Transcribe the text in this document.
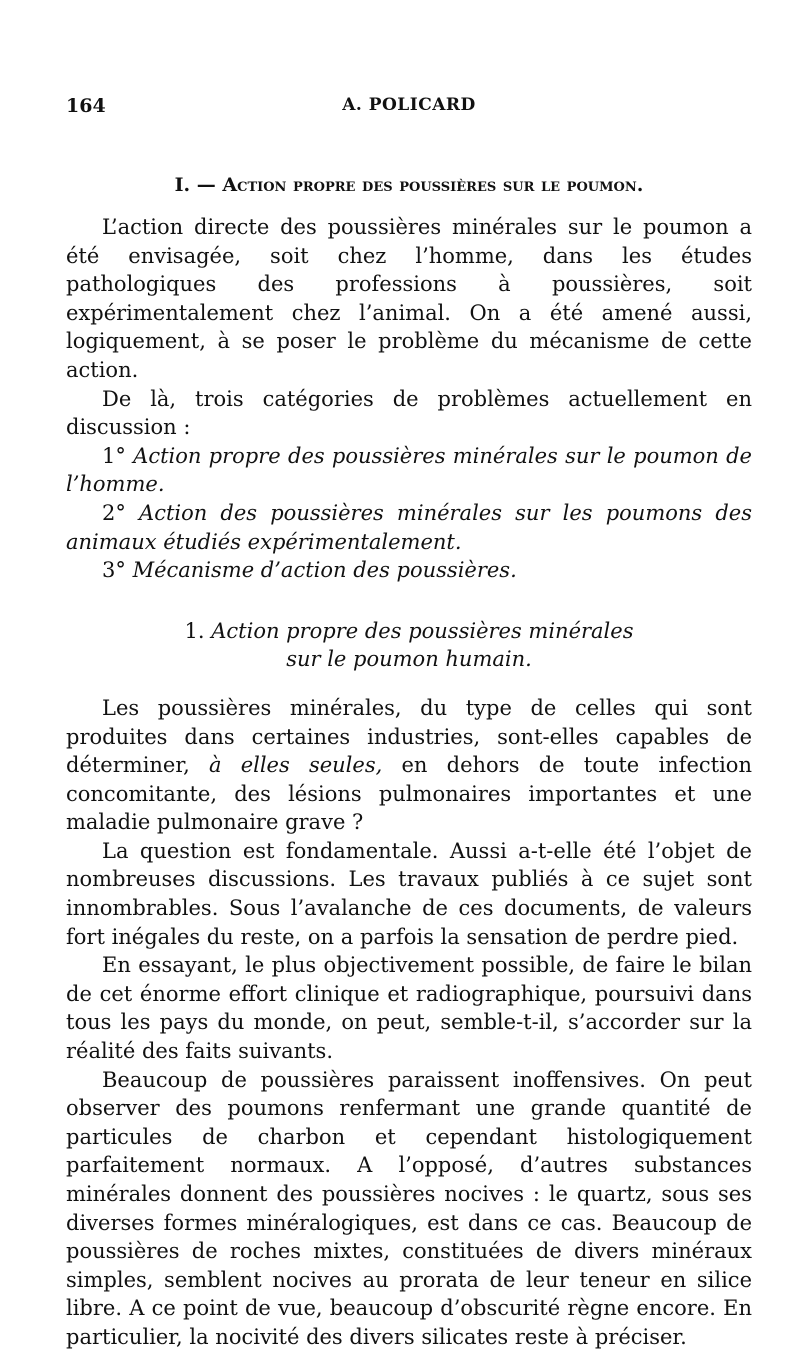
164	A. POLICARD
I. — Action propre des poussières sur le poumon.

L’action directe des poussières minérales sur le poumon a été envisagée, soit chez l’homme, dans les études pathologiques des professions à poussières, soit expérimentalement chez l’animal. On a été amené aussi, logiquement, à se poser le problème du mécanisme de cette action.

De là, trois catégories de problèmes actuellement en discussion :

1° Action propre des poussières minérales sur le poumon de l’homme.

2° Action des poussières minérales sur les poumons des animaux étudiés expérimentalement.

3° Mécanisme d’action des poussières.

1. Action propre des poussières minérales
sur le poumon humain.

Les poussières minérales, du type de celles qui sont produites dans certaines industries, sont-elles capables de déterminer, à elles seules, en dehors de toute infection concomitante, des lésions pulmonaires importantes et une maladie pulmonaire grave ?

La question est fondamentale. Aussi a-t-elle été l’objet de nombreuses discussions. Les travaux publiés à ce sujet sont innombrables. Sous l’avalanche de ces documents, de valeurs fort inégales du reste, on a parfois la sensation de perdre pied.

En essayant, le plus objectivement possible, de faire le bilan de cet énorme effort clinique et radiographique, poursuivi dans tous les pays du monde, on peut, semble-t-il, s’accorder sur la réalité des faits suivants.

Beaucoup de poussières paraissent inoffensives. On peut observer des poumons renfermant une grande quantité de particules de charbon et cependant histologiquement parfaitement normaux. A l’opposé, d’autres substances minérales donnent des poussières nocives : le quartz, sous ses diverses formes minéralogiques, est dans ce cas. Beaucoup de poussières de roches mixtes, constituées de divers minéraux simples, semblent nocives au prorata de leur teneur en silice libre. A ce point de vue, beaucoup d’obscurité règne encore. En particulier, la nocivité des divers silicates reste à préciser.
